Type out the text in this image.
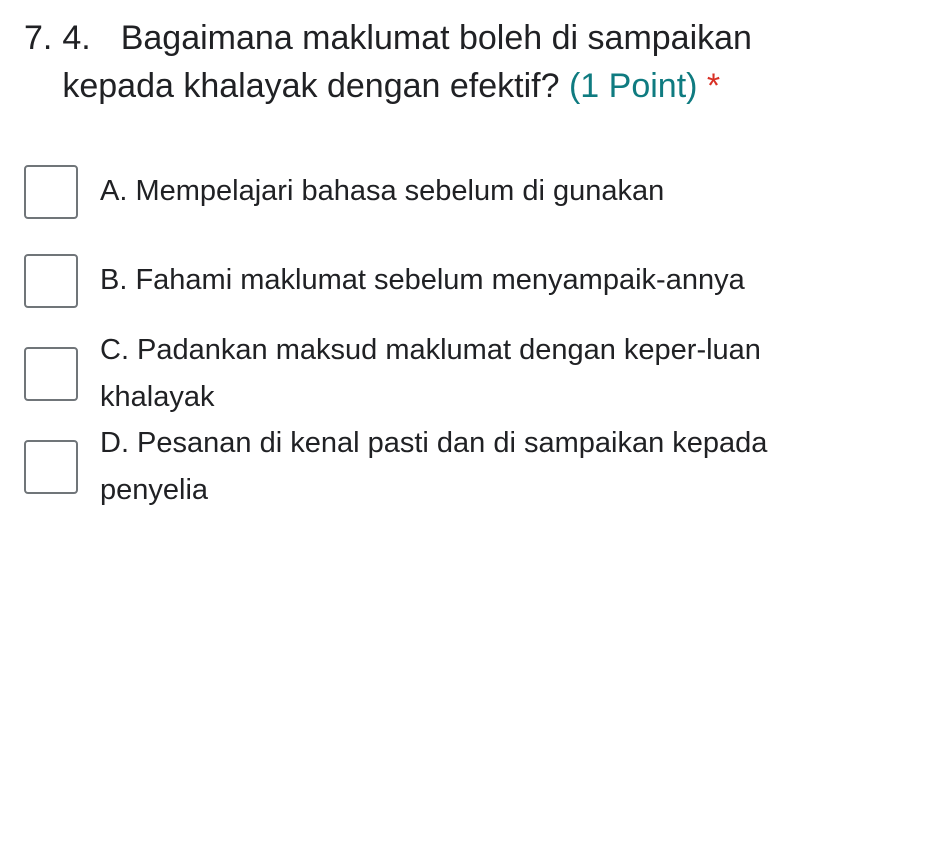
7. 4. Bagaimana maklumat boleh di sampaikan kepada khalayak dengan efektif? (1 Point) *
A. Mempelajari bahasa sebelum di gunakan
B. Fahami maklumat sebelum menyampaik-annya
C. Padankan maksud maklumat dengan keper-luan khalayak
D. Pesanan di kenal pasti dan di sampaikan kepada penyelia
